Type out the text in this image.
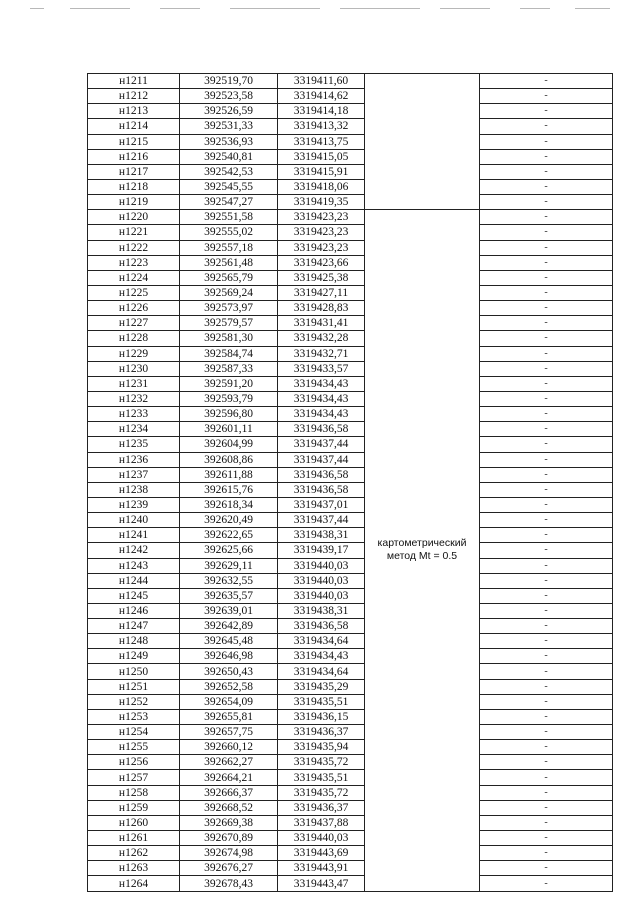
н1211	392519,70	3319411,60		-
н1212	392523,58	3319414,62		-
н1213	392526,59	3319414,18		-
н1214	392531,33	3319413,32		-
н1215	392536,93	3319413,75		-
н1216	392540,81	3319415,05		-
н1217	392542,53	3319415,91		-
н1218	392545,55	3319418,06		-
н1219	392547,27	3319419,35		-
н1220	392551,58	3319423,23	картометрический метод Mt = 0.5	-
н1221	392555,02	3319423,23		-
н1222	392557,18	3319423,23		-
н1223	392561,48	3319423,66		-
н1224	392565,79	3319425,38		-
н1225	392569,24	3319427,11		-
н1226	392573,97	3319428,83		-
н1227	392579,57	3319431,41		-
н1228	392581,30	3319432,28		-
н1229	392584,74	3319432,71		-
н1230	392587,33	3319433,57		-
н1231	392591,20	3319434,43		-
н1232	392593,79	3319434,43		-
н1233	392596,80	3319434,43		-
н1234	392601,11	3319436,58		-
н1235	392604,99	3319437,44		-
н1236	392608,86	3319437,44		-
н1237	392611,88	3319436,58		-
н1238	392615,76	3319436,58		-
н1239	392618,34	3319437,01		-
н1240	392620,49	3319437,44		-
н1241	392622,65	3319438,31		-
н1242	392625,66	3319439,17		-
н1243	392629,11	3319440,03		-
н1244	392632,55	3319440,03		-
н1245	392635,57	3319440,03		-
н1246	392639,01	3319438,31		-
н1247	392642,89	3319436,58		-
н1248	392645,48	3319434,64		-
н1249	392646,98	3319434,43		-
н1250	392650,43	3319434,64		-
н1251	392652,58	3319435,29		-
н1252	392654,09	3319435,51		-
н1253	392655,81	3319436,15		-
н1254	392657,75	3319436,37		-
н1255	392660,12	3319435,94		-
н1256	392662,27	3319435,72		-
н1257	392664,21	3319435,51		-
н1258	392666,37	3319435,72		-
н1259	392668,52	3319436,37		-
н1260	392669,38	3319437,88		-
н1261	392670,89	3319440,03		-
н1262	392674,98	3319443,69		-
н1263	392676,27	3319443,91		-
н1264	392678,43	3319443,47		-
